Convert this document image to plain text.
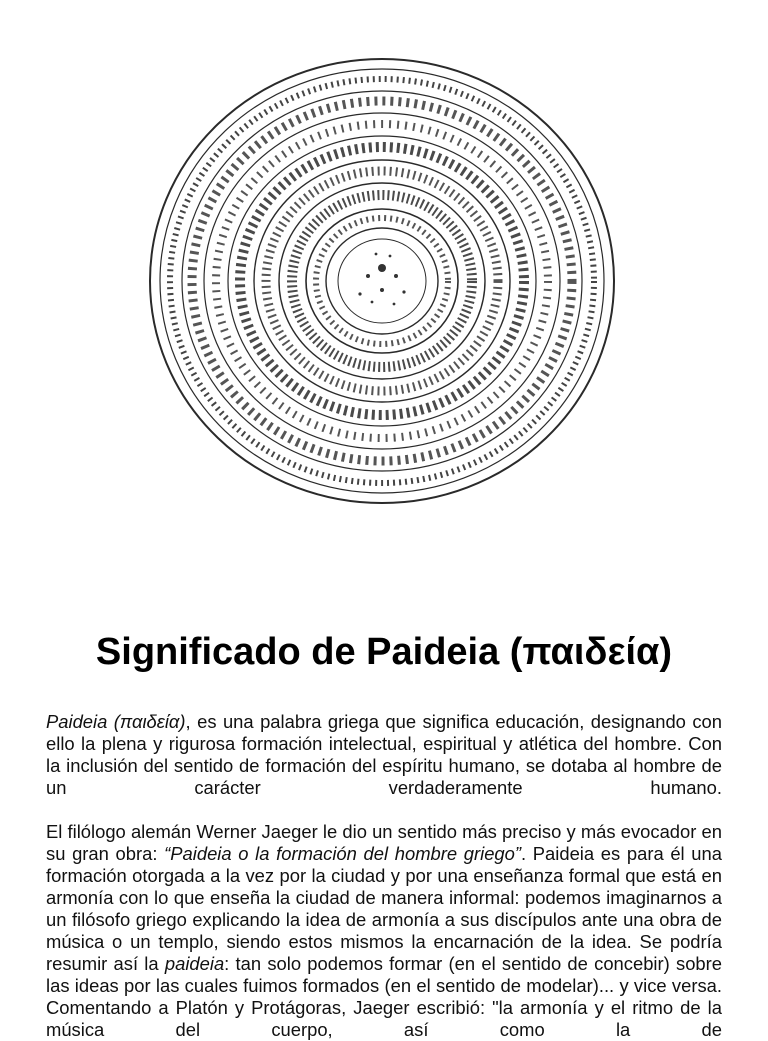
Significado de Paideia (παιδεία)

Paideia (παιδεία), es una palabra griega que significa educación, designando con ello la plena y rigurosa formación intelectual, espiritual y atlética del hombre. Con la inclusión del sentido de formación del espíritu humano, se dotaba al hombre de un carácter verdaderamente humano.

El filólogo alemán Werner Jaeger le dio un sentido más preciso y más evocador en su gran obra: “Paideia o la formación del hombre griego”. Paideia es para él una formación otorgada a la vez por la ciudad y por una enseñanza formal que está en armonía con lo que enseña la ciudad de manera informal: podemos imaginarnos a un filósofo griego explicando la idea de armonía a sus discípulos ante una obra de música o un templo, siendo estos mismos la encarnación de la idea. Se podría resumir así la paideia: tan solo podemos formar (en el sentido de concebir) sobre las ideas por las cuales fuimos formados (en el sentido de modelar)... y vice versa. Comentando a Platón y Protágoras, Jaeger escribió: "la armonía y el ritmo de la música del cuerpo, así como la de
